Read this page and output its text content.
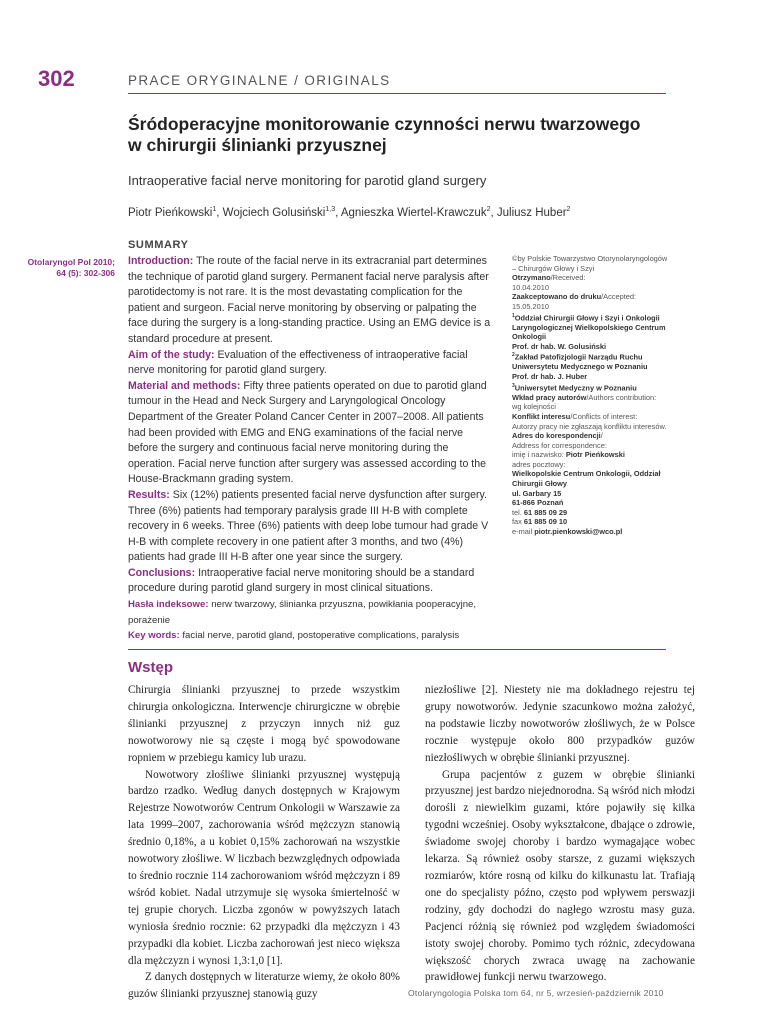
302	PRACE ORYGINALNE / ORIGINALS
Śródoperacyjne monitorowanie czynności nerwu twarzowego
w chirurgii ślinianki przyusznej
Intraoperative facial nerve monitoring for parotid gland surgery
Piotr Pieńkowski$^1$, Wojciech Golusiński$^{1,3}$, Agnieszka Wiertel-Krawczuk$^2$, Juliusz Huber$^2$
Otolaryngol Pol 2010;
64 (5): 302-306
SUMMARY

Introduction: The route of the facial nerve in its extracranial part determines the technique of parotid gland surgery. Permanent facial nerve paralysis after parotidectomy is not rare. It is the most devastating complication for the patient and surgeon. Facial nerve monitoring by observing or palpating the face during the surgery is a long-standing practice. Using an EMG device is a standard procedure at present.

Aim of the study: Evaluation of the effectiveness of intraoperative facial nerve monitoring for parotid gland surgery.

Material and methods: Fifty three patients operated on due to parotid gland tumour in the Head and Neck Surgery and Laryngological Oncology Department of the Greater Poland Cancer Center in 2007–2008. All patients had been provided with EMG and ENG examinations of the facial nerve before the surgery and continuous facial nerve monitoring during the operation. Facial nerve function after surgery was assessed according to the House-Brackmann grading system.

Results: Six (12%) patients presented facial nerve dysfunction after surgery. Three (6%) patients had temporary paralysis grade III H-B with complete recovery in 6 weeks. Three (6%) patients with deep lobe tumour had grade V H-B with complete recovery in one patient after 3 months, and two (4%) patients had grade III H-B after one year since the surgery.

Conclusions: Intraoperative facial nerve monitoring should be a standard procedure during parotid gland surgery in most clinical situations.

Hasła indeksowe: nerw twarzowy, ślinianka przyuszna, powikłania pooperacyjne, porażenie

Key words: facial nerve, parotid gland, postoperative complications, paralysis

©by Polskie Towarzystwo Otorynolaryngologów
– Chirurgów Głowy i Szyi
Otrzymano/Received:
10.04.2010
Zaakceptowano do druku/Accepted:
15.05.2010
$^1$Oddział Chirurgii Głowy i Szyi i Onkologii
Laryngologicznej Wielkopolskiego Centrum
Onkologii
Prof. dr hab. W. Golusiński
$^2$Zakład Patofizjologii Narządu Ruchu
Uniwersytetu Medycznego w Poznaniu
Prof. dr hab. J. Huber
$^3$Uniwersytet Medyczny w Poznaniu
Wkład pracy autorów/Authors contribution:
wg kolejności
Konflikt interesu/Conflicts of interest:
Autorzy pracy nie zgłaszają konfliktu interesów.
Adres do korespondencji/
Address for correspondence:
imię i nazwisko: Piotr Pieńkowski
adres pocztowy:
Wielkopolskie Centrum Onkologii, Oddział
Chirurgii Głowy
ul. Garbary 15
61-866 Poznań
tel. 61 885 09 29
fax 61 885 09 10
e-mail piotr.pienkowski@wco.pl
Wstęp

Chirurgia ślinianki przyusznej to przede wszystkim chirurgia onkologiczna. Interwencje chirurgiczne w obrębie ślinianki przyusznej z przyczyn innych niż guz nowotworowy nie są częste i mogą być spowodowane ropniem w przebiegu kamicy lub urazu.

Nowotwory złośliwe ślinianki przyusznej występują bardzo rzadko. Według danych dostępnych w Krajowym Rejestrze Nowotworów Centrum Onkologii w Warszawie za lata 1999–2007, zachorowania wśród mężczyzn stanowią średnio 0,18%, a u kobiet 0,15% zachorowań na wszystkie nowotwory złośliwe. W liczbach bezwzględnych odpowiada to średnio rocznie 114 zachorowaniom wśród mężczyzn i 89 wśród kobiet. Nadal utrzymuje się wysoka śmiertelność w tej grupie chorych. Liczba zgonów w powyższych latach wyniosła średnio rocznie: 62 przypadki dla mężczyzn i 43 przypadki dla kobiet. Liczba zachorowań jest nieco większa dla mężczyzn i wynosi 1,3:1,0 [1].

Z danych dostępnych w literaturze wiemy, że około 80% guzów ślinianki przyusznej stanowią guzy

niezłośliwe [2]. Niestety nie ma dokładnego rejestru tej grupy nowotworów. Jedynie szacunkowo można założyć, na podstawie liczby nowotworów złośliwych, że w Polsce rocznie występuje około 800 przypadków guzów niezłośliwych w obrębie ślinianki przyusznej.

Grupa pacjentów z guzem w obrębie ślinianki przyusznej jest bardzo niejednorodna. Są wśród nich młodzi dorośli z niewielkim guzami, które pojawiły się kilka tygodni wcześniej. Osoby wykształcone, dbające o zdrowie, świadome swojej choroby i bardzo wymagające wobec lekarza. Są również osoby starsze, z guzami większych rozmiarów, które rosną od kilku do kilkunastu lat. Trafiają one do specjalisty późno, często pod wpływem perswazji rodziny, gdy dochodzi do nagłego wzrostu masy guza. Pacjenci różnią się również pod względem świadomości istoty swojej choroby. Pomimo tych różnic, zdecydowana większość chorych zwraca uwagę na zachowanie prawidłowej funkcji nerwu twarzowego.

Otolaryngologia Polska tom 64, nr 5, wrzesień-październik 2010
